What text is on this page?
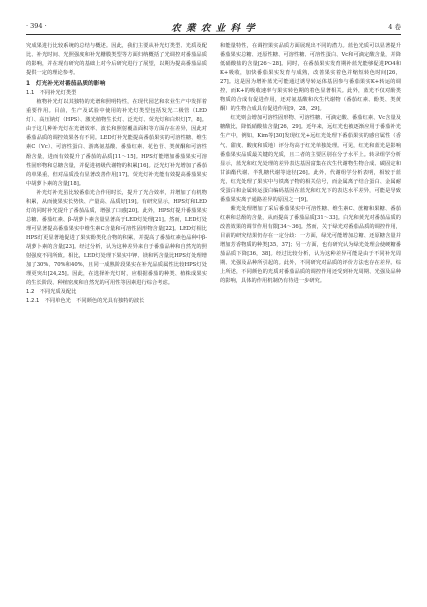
· 394 ·	农 業 农 业 科 学	4 卷

究成果进行比较系统的总结与概述。因此，我们主要从补光灯类型、光质及配比、补光时间、光照强度和补光栅膜类型等方面归纳概括了光调控对番茄品质的影响，并在现有研究的基础上对今后研究进行了展望，以期为提高番茄品质提供一定的理论参考。

1　灯光补光对番茄品质的影响
1.1　不同补光灯类型

植物补光灯以其独特的光谱和照明特性，在现代园艺和农业生产中发挥着重要作用。目前，生产及试验中使用的补光灯类型包括发光二极管（LED灯）、高压钠灯（HPS）、激光植物生长灯、泛光灯、荧光灯和白炽灯[7，8]。由于这几种补光灯在光谱效率、波长和照射覆盖面积等方面存在差异，因此对番茄品质的调控效果各有不同。LED灯补光能提高番茄果实的可溶性糖、维生素C（Vc）、可溶性蛋白、游离氨基酸、番茄红素、花色苷、类黄酮和可溶性酚含量，进而有效提升了番茄的品质[11～15]。HPS灯能增加番茄果实可溶性固形物和总糖含量，并促进初级代谢物的积累[16]。泛光灯补光增加了番茄的单果重，但对品质没有显著改善作用[17]。荧光灯补光能有效提高番茄果实中胡萝卜素的含量[18]。

补光灯补光虽比较番茄光合作用时长，提升了光合效率，并增加了有机物积累，从而使果实长势快、产量高、品质好[19]。有研究显示，HPS灯和LED灯的同时补光提升了番茄品质，增强了口感[20]。此外，HPS灯提升番茄果实总糖、番茄红素、β-胡萝卜素含量显著高于LED灯处理[21]。然而，LED灯处理可显著提高番茄果实中维生素C含量和可溶性固形物含量[22]。LED灯相比HPS灯更显著地促进了果实酚类化合物的积累，并提高了番茄红素色品种中β-胡萝卜素的含量[23]。经过分析，认为这种差异来自于番茄品种和自然光的照射强度不同所致。相比，LED灯处理下果实中钾、镁和钙含量比HPS灯处理增加了30%、70%和40%，且同一成熟阶段果实在补光品质属性比较HPS灯处理更突出[24,25]。因此，在选择补光灯时，应根据番茄的种类、植株成果实的生长阶段、种植密度和自然光的可用性等因素进行综合考虑。

1.2　不同光质及配比
1.2.1　不同单色光　不同颜色的光具有独特的波长

和能量特性，在调控果实品质方面展现出不同的潜力。蓝色光质可以显著提升番茄果实总糖、还原性糖、可溶性糖、可溶性蛋白、Vc和可滴定酸含量，并降低硝酸盐的含量[26～28]。同时，在番茄果实发育期补蓝光能够促进PO4和K+吸收，加快番茄果实发育与成熟，改善果实着色并缩短转色时间[26，27]。这是因为增补蓝光可能通过诱导转运体基因参与番茄果实K+转运的调控，而K+的吸收速率与果实转色期的着色显著相关。此外，蓝光不仅对酚类物质的合成有促进作用，还对氨基酸和次生代谢物（番茄红素、酚类、类黄酮）的生物合成具有促进作用[9，28，29]。

红光则会增加可溶性固形物、可溶性糖、可滴定酸、番茄红素、Vc含量及糖酸比，降低硝酸盐含量[26，29]。近年来，远红光也被逐渐应用于番茄补光生产中，例如，Kim等[30]发现红光+远红光处理下番茄果实的感官属性（香气、甜度、酸度和质地）评分均高于红光单独处理。可见，红光和蓝光是影响番茄果实品质最关键的光质，且二者的主要区别在分子水平上。转录组学分析显示，蓝光和红光处理的差异表达基因富集在次生代谢物生物合成、碳固定和甘油酯代谢、半乳糖代谢等途径[26]。此外，代谢组学分析表明，相较于蓝光，红光处理了果实中与铁离子物的相关信号，而金属离子结合蛋白、金属耐受蛋白和金属转运蛋白编码基因在蓝光和红光下的表达水平差异，可能是导致番茄果实离子通路差异的原因之一[9]。

紫光处理增加了采后番茄果实中可溶性糖、维生素C、蔗糖和果糖、番茄红素和总酚的含量，从而提高了番茄品质[31～33]。白光和黄光对番茄品质的改善效果的调节作用有限[34～36]。然而，关于绿光对番茄品质的调控作用，目前的研究结果仍存在一定分歧：一方面，绿光可能增加总糖、还原糖含量并增加芳香物质的种类[35，37]；另一方面，也有研究认为绿光处理会使硬糖番茄品质下降[36，38]。经过比较分析，认为这种差异可能是由于不同补光周期、光强及品种所引起的。此外，不同研究对品质的评价方法也存在差异。综上所述，不同颜色的光质对番茄品质的调控作用还受到补光周期、光强及品种的影响，具体的作用机制仍有待进一步研究。
